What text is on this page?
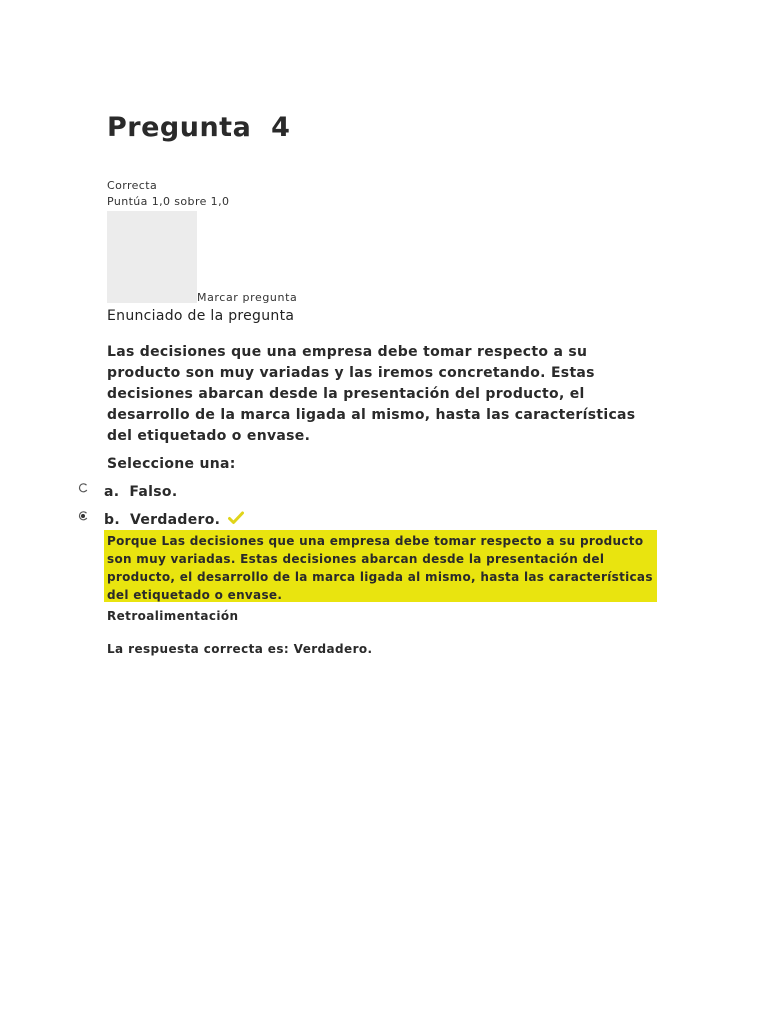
Pregunta  4
Correcta
Puntúa 1,0 sobre 1,0
Marcar pregunta
Enunciado de la pregunta
Las decisiones que una empresa debe tomar respecto a su producto son muy variadas y las iremos concretando. Estas decisiones abarcan desde la presentación del producto, el desarrollo de la marca ligada al mismo, hasta las características del etiquetado o envase.
Seleccione una:
a. Falso.
b. Verdadero.
Porque Las decisiones que una empresa debe tomar respecto a su producto son muy variadas. Estas decisiones abarcan desde la presentación del producto, el desarrollo de la marca ligada al mismo, hasta las características del etiquetado o envase.
Retroalimentación
La respuesta correcta es: Verdadero.
